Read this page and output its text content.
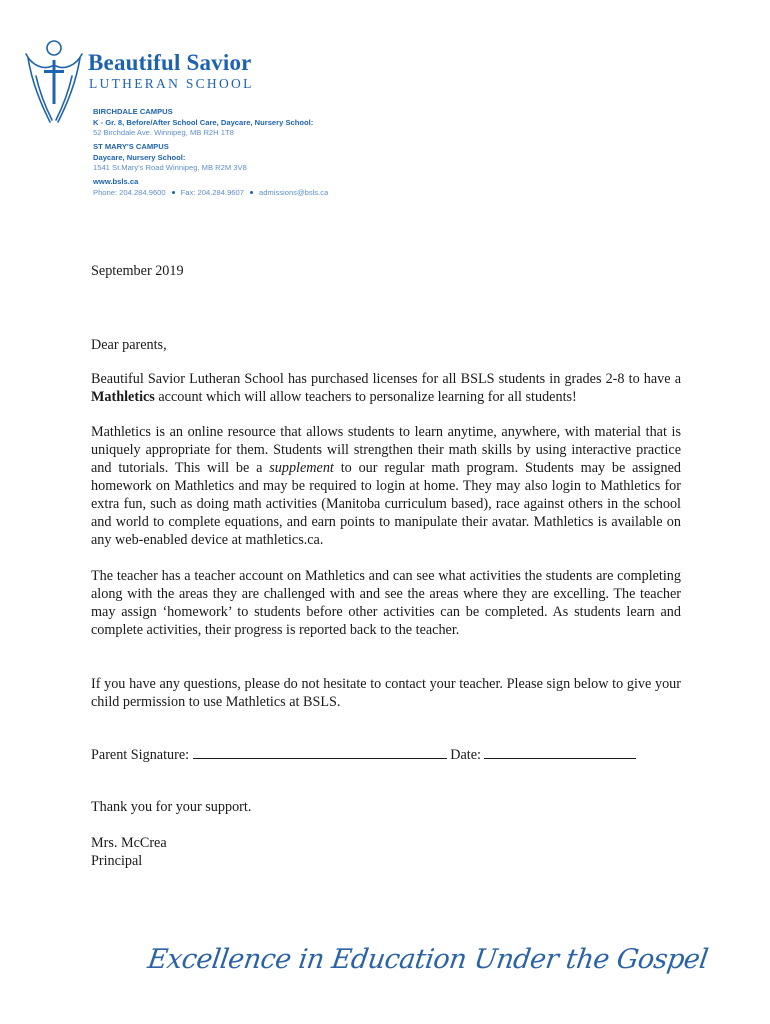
Beautiful Savior
LUTHERAN SCHOOL
BIRCHDALE CAMPUS
K - Gr. 8, Before/After School Care, Daycare, Nursery School:
52 Birchdale Ave. Winnipeg, MB R2H 1T8
ST MARY'S CAMPUS
Daycare, Nursery School:
1541 St.Mary's Road Winnipeg, MB R2M 3V8
www.bsls.ca
Phone: 204.284.9600 Fax: 204.284.9607 admissions@bsls.ca
September 2019
Dear parents,

Beautiful Savior Lutheran School has purchased licenses for all BSLS students in grades 2-8 to have a Mathletics account which will allow teachers to personalize learning for all students!

Mathletics is an online resource that allows students to learn anytime, anywhere, with material that is uniquely appropriate for them. Students will strengthen their math skills by using interactive practice and tutorials. This will be a supplement to our regular math program. Students may be assigned homework on Mathletics and may be required to login at home. They may also login to Mathletics for extra fun, such as doing math activities (Manitoba curriculum based), race against others in the school and world to complete equations, and earn points to manipulate their avatar. Mathletics is available on any web-enabled device at mathletics.ca.

The teacher has a teacher account on Mathletics and can see what activities the students are completing along with the areas they are challenged with and see the areas where they are excelling. The teacher may assign ‘homework’ to students before other activities can be completed. As students learn and complete activities, their progress is reported back to the teacher.
If you have any questions, please do not hesitate to contact your teacher. Please sign below to give your child permission to use Mathletics at BSLS.
Parent Signature:	Date:
Thank you for your support.
Mrs. McCrea
Principal
Excellence in Education Under the Gospel
